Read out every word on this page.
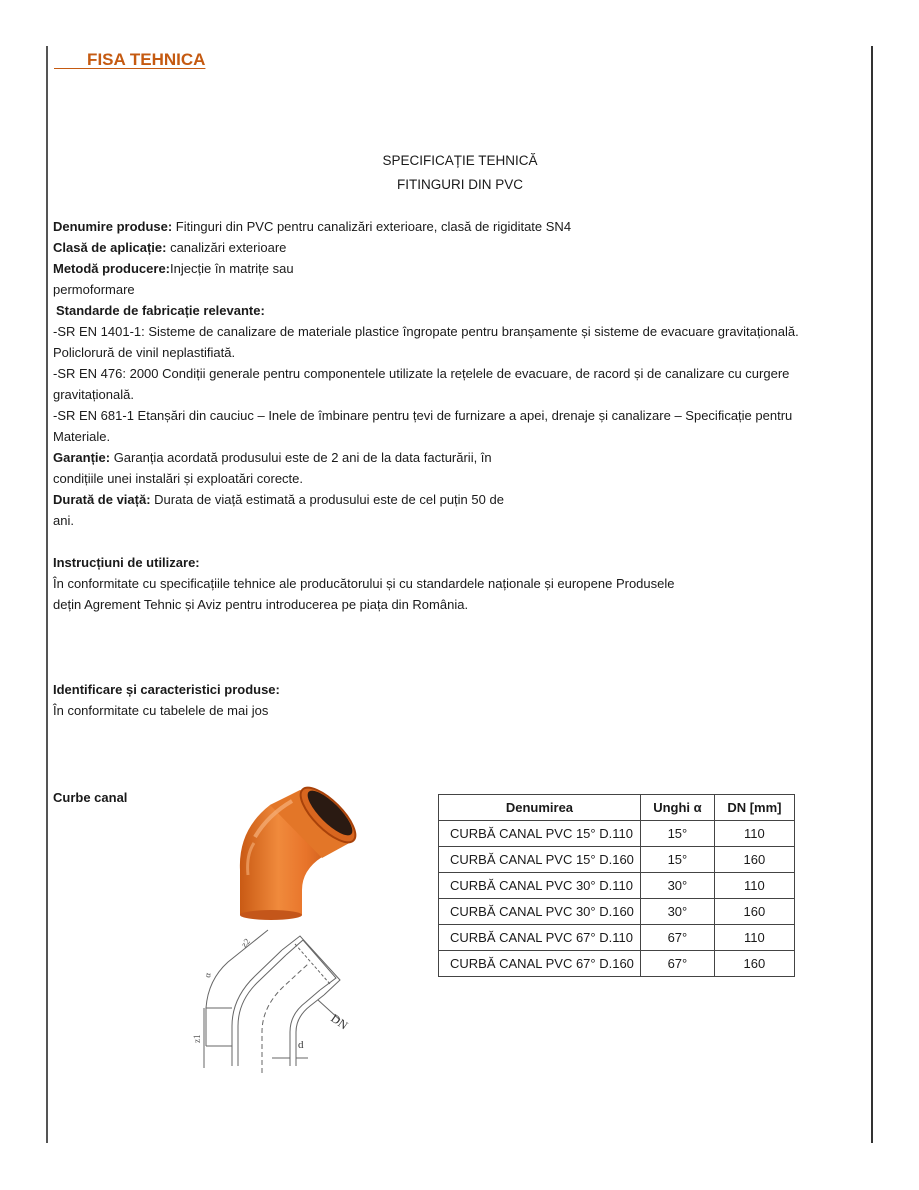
FISA TEHNICA
SPECIFICAȚIE TEHNICĂ
FITINGURI DIN PVC
Denumire produse: Fitinguri din PVC pentru canalizări exterioare, clasă de rigiditate SN4
Clasă de aplicație: canalizări exterioare
Metodă producere:Injecție în matrițe sau
permoformare
Standarde de fabricație relevante:
-SR EN 1401-1: Sisteme de canalizare de materiale plastice îngropate pentru branșamente și sisteme de evacuare gravitațională.
Policlorură de vinil neplastifiată.
-SR EN 476: 2000 Condiții generale pentru componentele utilizate la rețelele de evacuare, de racord și de canalizare cu curgere
gravitațională.
-SR EN 681-1 Etanșări din cauciuc – Inele de îmbinare pentru țevi de furnizare a apei, drenaje și canalizare – Specificație pentru
Materiale.
Garanție: Garanția acordată produsului este de 2 ani de la data facturării, în
condițiile unei instalări și exploatări corecte.
Durată de viață: Durata de viață estimată a produsului este de cel puțin 50 de
ani.
Instrucțiuni de utilizare:
În conformitate cu specificațiile tehnice ale producătorului și cu standardele naționale și europene Produsele
dețin Agrement Tehnic și Aviz pentru introducerea pe piața din România.
Identificare și caracteristici produse:
În conformitate cu tabelele de mai jos
Curbe canal
α
z2
z1
DN
d
Denumirea	Unghi α	DN [mm]
CURBĂ CANAL PVC 15° D.110	15°	110
CURBĂ CANAL PVC 15° D.160	15°	160
CURBĂ CANAL PVC 30° D.110	30°	110
CURBĂ CANAL PVC 30° D.160	30°	160
CURBĂ CANAL PVC 67° D.110	67°	110
CURBĂ CANAL PVC 67° D.160	67°	160
